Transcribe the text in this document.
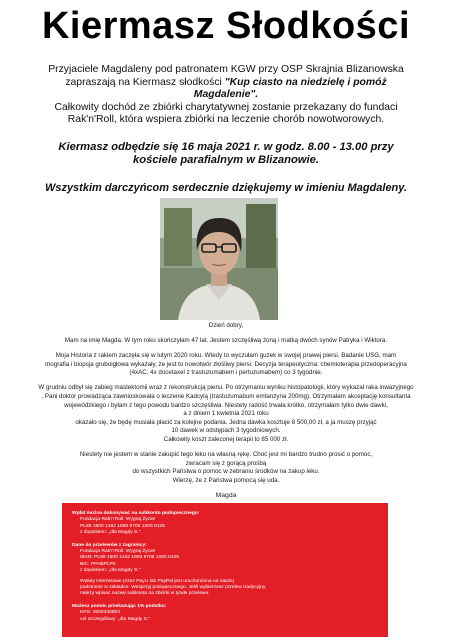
Kiermasz Słodkości
Przyjaciele Magdaleny pod patronatem KGW przy OSP Skrajnia Blizanowska
zapraszają na Kiermasz słodkości "Kup ciasto na niedzielę i pomóż
Magdalenie".
Całkowity dochód ze zbiórki charytatywnej zostanie przekazany do fundaci
Rak'n'Roll, która wspiera zbiórki na leczenie chorób nowotworowych.
Kiermasz odbędzie się 16 maja 2021 r. w godz. 8.00 - 13.00 przy
kościele parafialnym w Blizanowie.
Wszystkim darczyńcom serdecznie dziękujemy w imieniu Magdaleny.
Dzień dobry,
Mam na imię Magda. W tym roku skończyłam 47 lat. Jestem szczęśliwą żoną i matką dwóch synów Patryka i Wiktora.
Moja Historia z rakiem zaczęła się w lutym 2020 roku. Wtedy to wyczułam guzek w swojej prawej piersi. Badanie USG, mam
mografia i biopsja gruboigłowa wykazały, że jest to nowotwór złośliwy piersi. Decyzja terapeutyczna: chemioterapia przedoperacyjna
(4xAC, 4x docetaxel z trastuzumabem i pertuzumabem) co 3 tygodnie.
W grudniu odbył się zabieg mastektomii wraz z rekonstrukcją piersi. Po otrzymaniu wyniku histopatologii, który wykazał raka inwazyjnego
, Pani doktor prowadząca zawnioskowała o leczenie Kadcylą (trastuzumabum emtanzyna 200mg). Otrzymałam akceptację konsultanta
wojewódzkiego i byłam z tego powodu bardzo szczęśliwa. Niestety radość trwała krótko, otrzymałam tylko dwie dawki,
a z dniem 1 kwietnia 2021 roku
okazało się, że będę musiała płacić za kolejne podania. Jedna dawka kosztuje 8 500,00 zł, a ja muszę przyjąć
10 dawek w odstępach 3 tygodniowych.
Całkowity koszt zaleconej terapii to 85 000 zł.
Niestety nie jestem w stanie zakupić tego leku na własną rękę. Choć jest mi bardzo trudno prosić o pomoc,
zwracam się z gorącą prośbą
do wszystkich Państwa o pomoc w zebraniu środków na zakup leku.
Wierzę, że z Państwa pomocą się uda.
Magda
Wpłat można dokonywać na subkonto podopiecznego:
Fundacja Rak'n'Roll. Wygraj Życie!
PL86 1600 1462 1893 9706 1000 0125
z dopiskiem: „dla Magdy S."
Dane do przelewów z zagranicy:
Fundacja Rak'n'Roll. Wygraj Życie!
IBAN: PL86 1600 1462 1893 9706 1000 0125
BIC: PPABPLPK
z dopiskiem: „dla Magdy S."
Wpłaty internetowe przez PayU lub PayPal jest uruchomiona na naszej
podstronie w zakładce: Wesprzyj podopiecznego. Jeśli wybierzesz przelew tradycyjny,
należy wpisać nazwę subkonta na zbiórki w tytule przelewu.
Możesz pomóc przekazując 1% podatku:
KRS: 0000338803
cel szczegółowy: „dla Magdy S."
